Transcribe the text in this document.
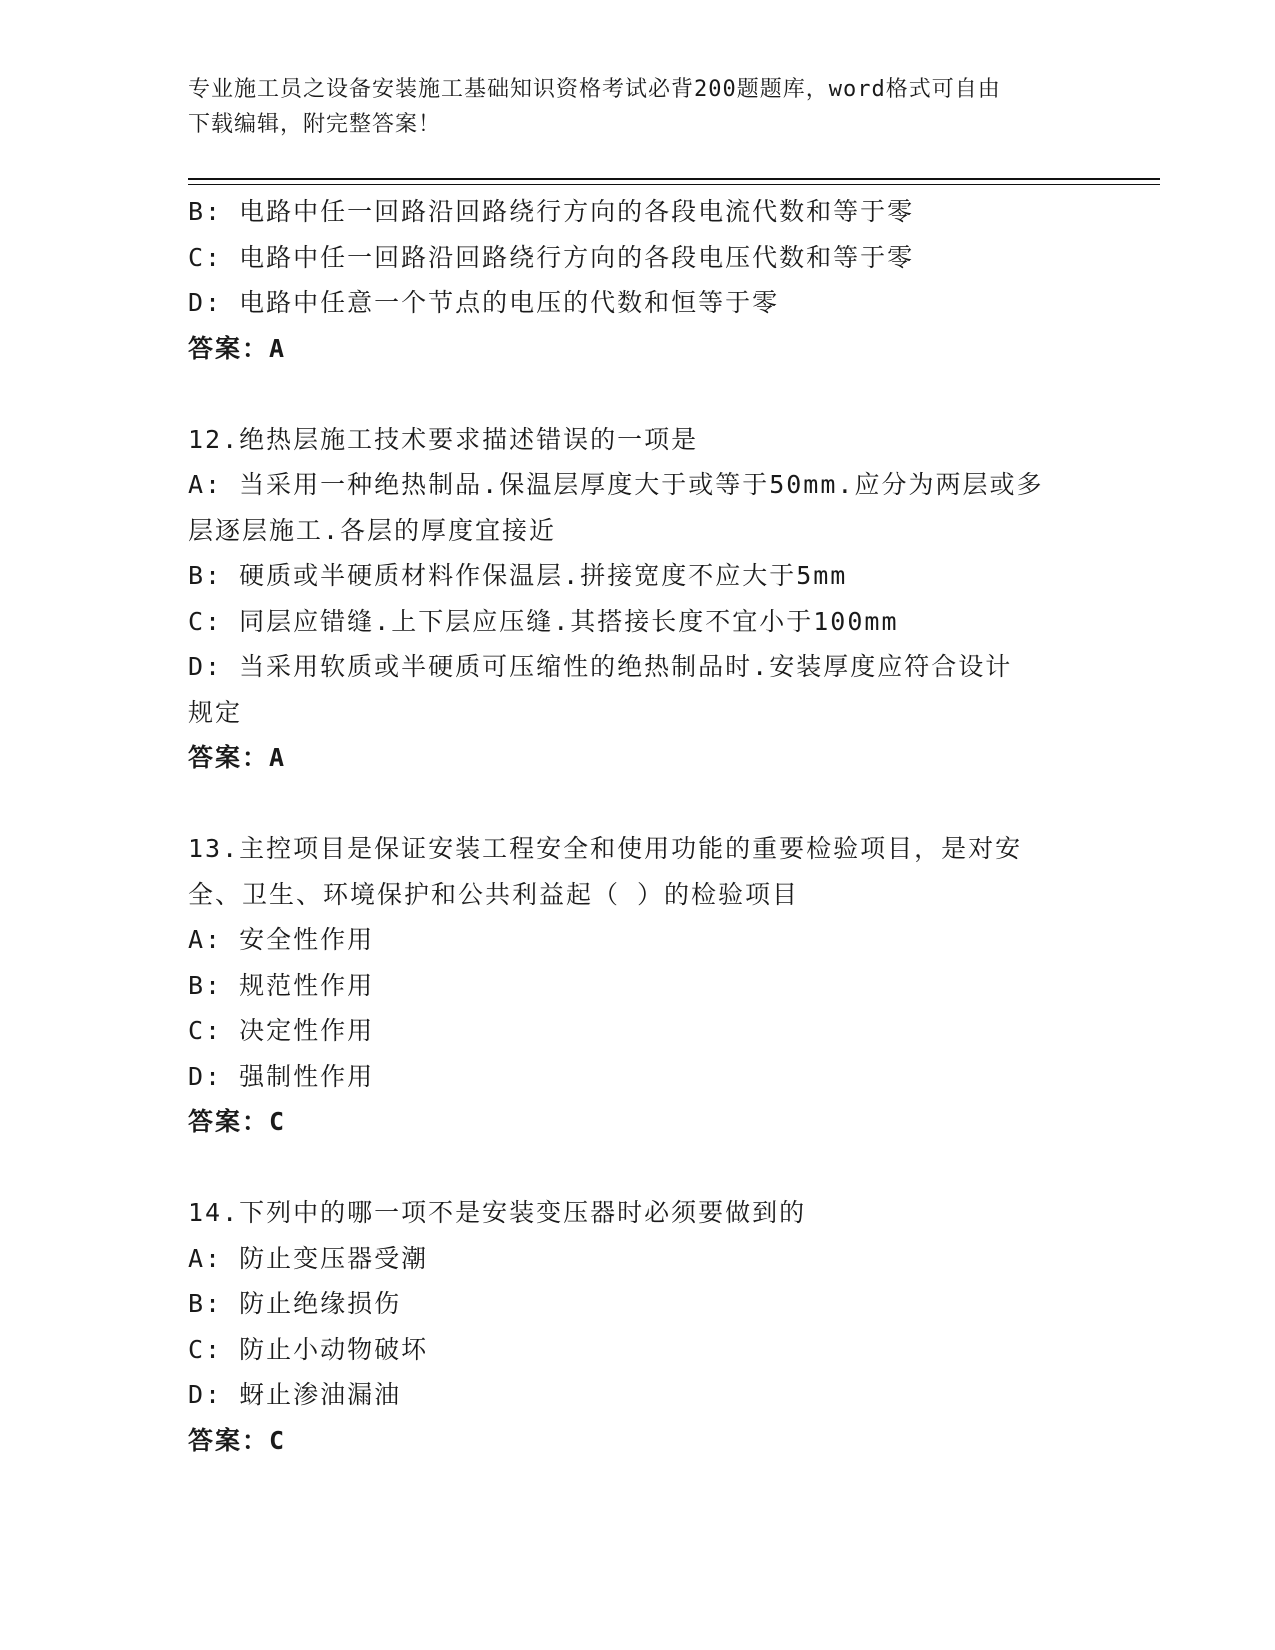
专业施工员之设备安装施工基础知识资格考试必背200题题库，word格式可自由
下载编辑，附完整答案！
B: 电路中任一回路沿回路绕行方向的各段电流代数和等于零
C: 电路中任一回路沿回路绕行方向的各段电压代数和等于零
D: 电路中任意一个节点的电压的代数和恒等于零
答案：A
12.绝热层施工技术要求描述错误的一项是
A: 当采用一种绝热制品.保温层厚度大于或等于50mm.应分为两层或多
层逐层施工.各层的厚度宜接近
B: 硬质或半硬质材料作保温层.拼接宽度不应大于5mm
C: 同层应错缝.上下层应压缝.其搭接长度不宜小于100mm
D: 当采用软质或半硬质可压缩性的绝热制品时.安装厚度应符合设计
规定
答案：A
13.主控项目是保证安装工程安全和使用功能的重要检验项目，是对安
全、卫生、环境保护和公共利益起（ ）的检验项目
A: 安全性作用
B: 规范性作用
C: 决定性作用
D: 强制性作用
答案：C
14.下列中的哪一项不是安装变压器时必须要做到的
A: 防止变压器受潮
B: 防止绝缘损伤
C: 防止小动物破坏
D: 蚜止渗油漏油
答案：C
